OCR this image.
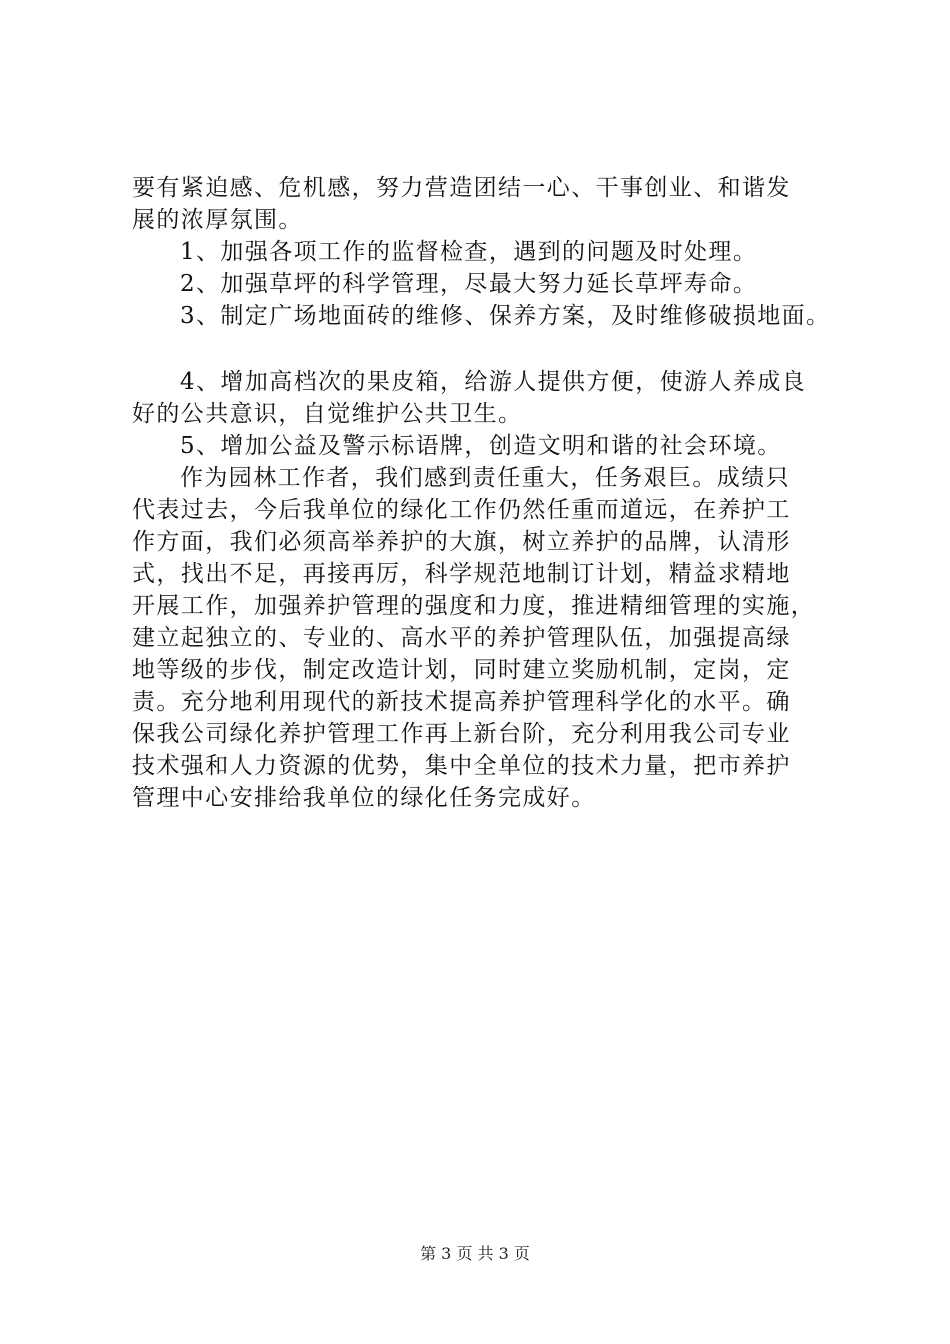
要有紧迫感、危机感，努力营造团结一心、干事创业、和谐发
展的浓厚氛围。
1、加强各项工作的监督检查，遇到的问题及时处理。
2、加强草坪的科学管理，尽最大努力延长草坪寿命。
3、制定广场地面砖的维修、保养方案，及时维修破损地面。
4、增加高档次的果皮箱，给游人提供方便，使游人养成良
好的公共意识，自觉维护公共卫生。
5、增加公益及警示标语牌，创造文明和谐的社会环境。
作为园林工作者，我们感到责任重大，任务艰巨。成绩只
代表过去，今后我单位的绿化工作仍然任重而道远，在养护工
作方面，我们必须高举养护的大旗，树立养护的品牌，认清形
式，找出不足，再接再厉，科学规范地制订计划，精益求精地
开展工作，加强养护管理的强度和力度，推进精细管理的实施，
建立起独立的、专业的、高水平的养护管理队伍，加强提高绿
地等级的步伐，制定改造计划，同时建立奖励机制，定岗，定
责。充分地利用现代的新技术提高养护管理科学化的水平。确
保我公司绿化养护管理工作再上新台阶，充分利用我公司专业
技术强和人力资源的优势，集中全单位的技术力量，把市养护
管理中心安排给我单位的绿化任务完成好。
第 3 页 共 3 页
